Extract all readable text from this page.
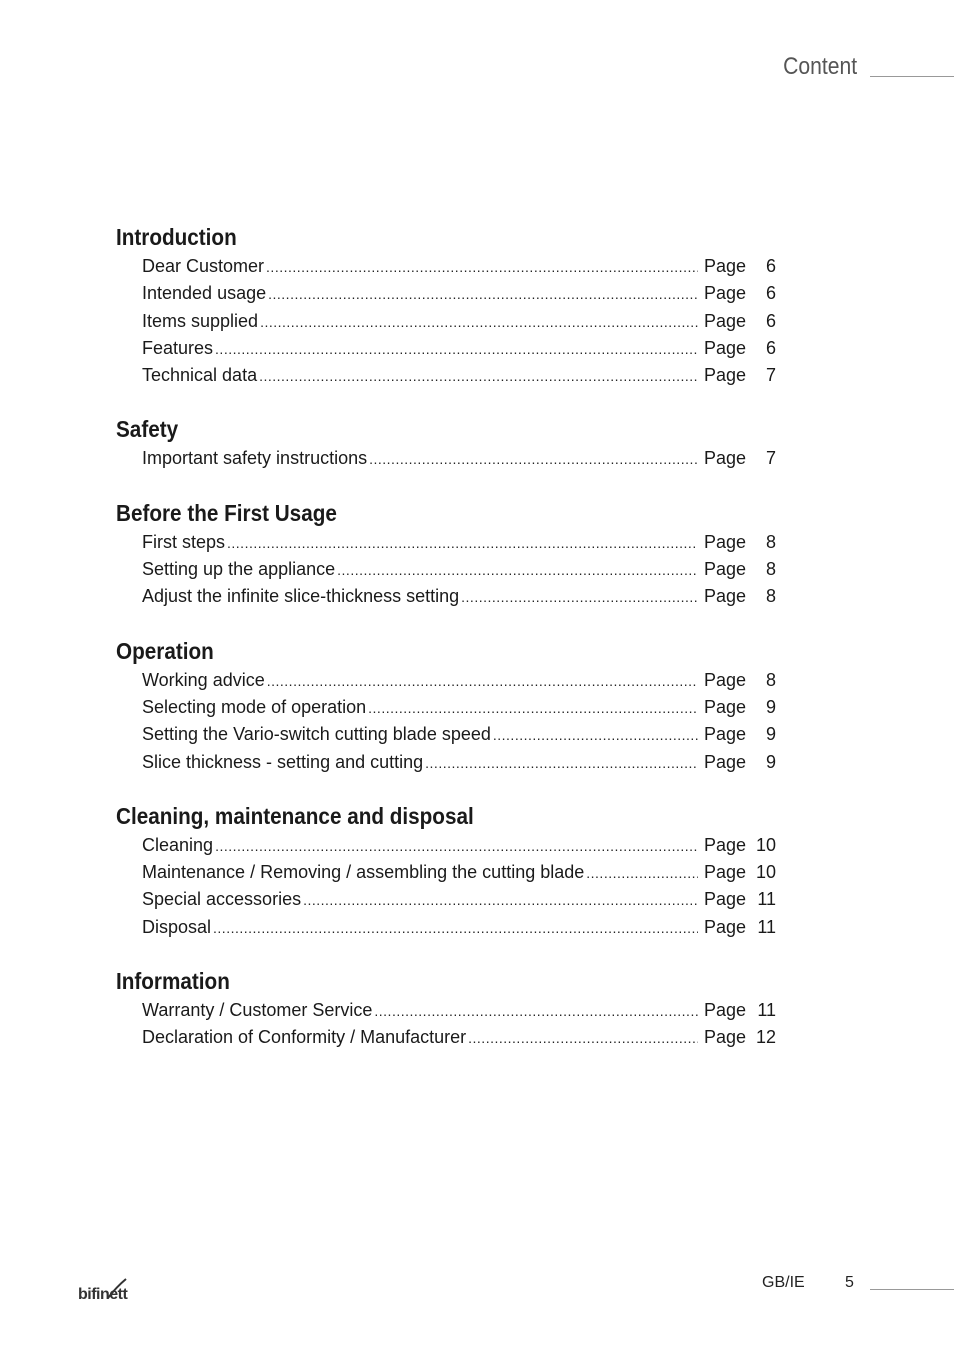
Content
Introduction
Dear Customer .....	Page	6
Intended usage .....	Page	6
Items supplied .....	Page	6
Features .....	Page	6
Technical data .....	Page	7
Safety
Important safety instructions .....	Page	7
Before the First Usage
First steps .....	Page	8
Setting up the appliance .....	Page	8
Adjust the infinite slice-thickness setting .....	Page	8
Operation
Working advice .....	Page	8
Selecting mode of operation .....	Page	9
Setting the Vario-switch cutting blade speed .....	Page	9
Slice thickness - setting and cutting .....	Page	9
Cleaning, maintenance and disposal
Cleaning .....	Page 10
Maintenance / Removing / assembling the cutting blade .....	Page 10
Special accessories .....	Page 11
Disposal .....	Page 11
Information
Warranty / Customer Service .....	Page 11
Declaration of Conformity / Manufacturer .....	Page 12
bifinett
GB/IE	5
